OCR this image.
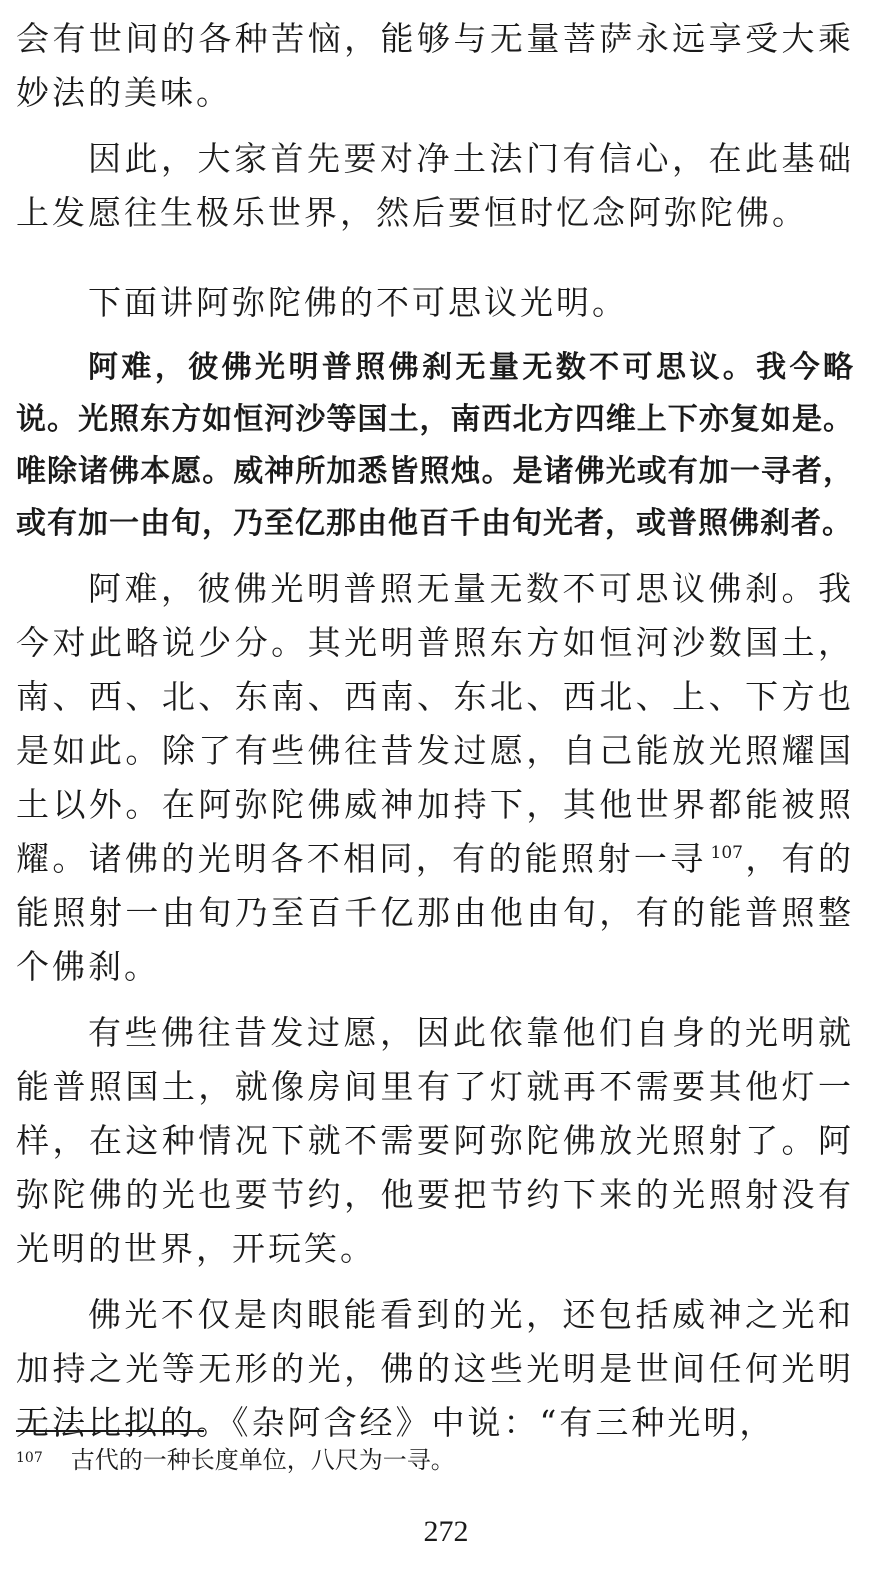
会有世间的各种苦恼，能够与无量菩萨永远享受大乘妙法的美味。

因此，大家首先要对净土法门有信心，在此基础上发愿往生极乐世界，然后要恒时忆念阿弥陀佛。

下面讲阿弥陀佛的不可思议光明。

阿难，彼佛光明普照佛刹无量无数不可思议。我今略说。光照东方如恒河沙等国土，南西北方四维上下亦复如是。唯除诸佛本愿。威神所加悉皆照烛。是诸佛光或有加一寻者，或有加一由旬，乃至亿那由他百千由旬光者，或普照佛刹者。

阿难，彼佛光明普照无量无数不可思议佛刹。我今对此略说少分。其光明普照东方如恒河沙数国土，南、西、北、东南、西南、东北、西北、上、下方也是如此。除了有些佛往昔发过愿，自己能放光照耀国土以外。在阿弥陀佛威神加持下，其他世界都能被照耀。诸佛的光明各不相同，有的能照射一寻 $^{107}$，有的能照射一由旬乃至百千亿那由他由旬，有的能普照整个佛刹。

有些佛往昔发过愿，因此依靠他们自身的光明就能普照国土，就像房间里有了灯就再不需要其他灯一样，在这种情况下就不需要阿弥陀佛放光照射了。阿弥陀佛的光也要节约，他要把节约下来的光照射没有光明的世界，开玩笑。

佛光不仅是肉眼能看到的光，还包括威神之光和加持之光等无形的光，佛的这些光明是世间任何光明无法比拟的。《杂阿含经》中说：“有三种光明，

$^{107}$ 古代的一种长度单位，八尺为一寻。
272
